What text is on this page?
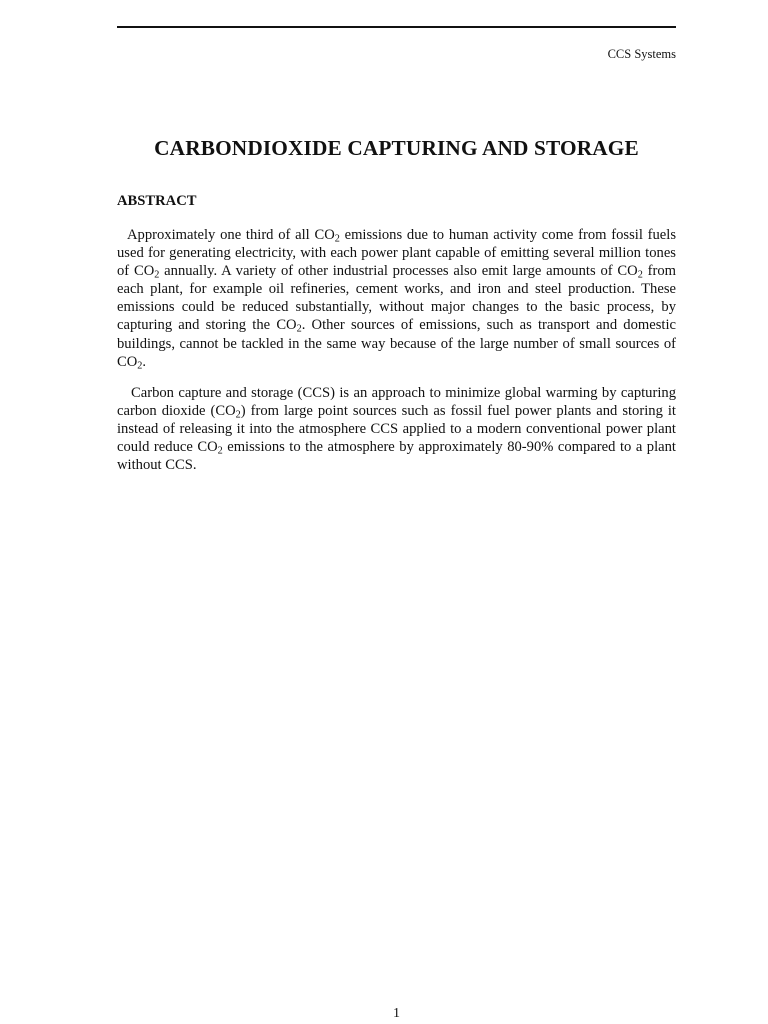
CCS Systems
CARBONDIOXIDE CAPTURING AND STORAGE
ABSTRACT

Approximately one third of all $CO_2$ emissions due to human activity come from fossil fuels used for generating electricity, with each power plant capable of emitting several million tones of $CO_2$ annually. A variety of other industrial processes also emit large amounts of $CO_2$ from each plant, for example oil refineries, cement works, and iron and steel production. These emissions could be reduced substantially, without major changes to the basic process, by capturing and storing the $CO_2$. Other sources of emissions, such as transport and domestic buildings, cannot be tackled in the same way because of the large number of small sources of $CO_2$.

Carbon capture and storage (CCS) is an approach to minimize global warming by capturing carbon dioxide $(CO_2)$ from large point sources such as fossil fuel power plants and storing it instead of releasing it into the atmosphere CCS applied to a modern conventional power plant could reduce $CO_2$ emissions to the atmosphere by approximately 80-90% compared to a plant without CCS.

1
